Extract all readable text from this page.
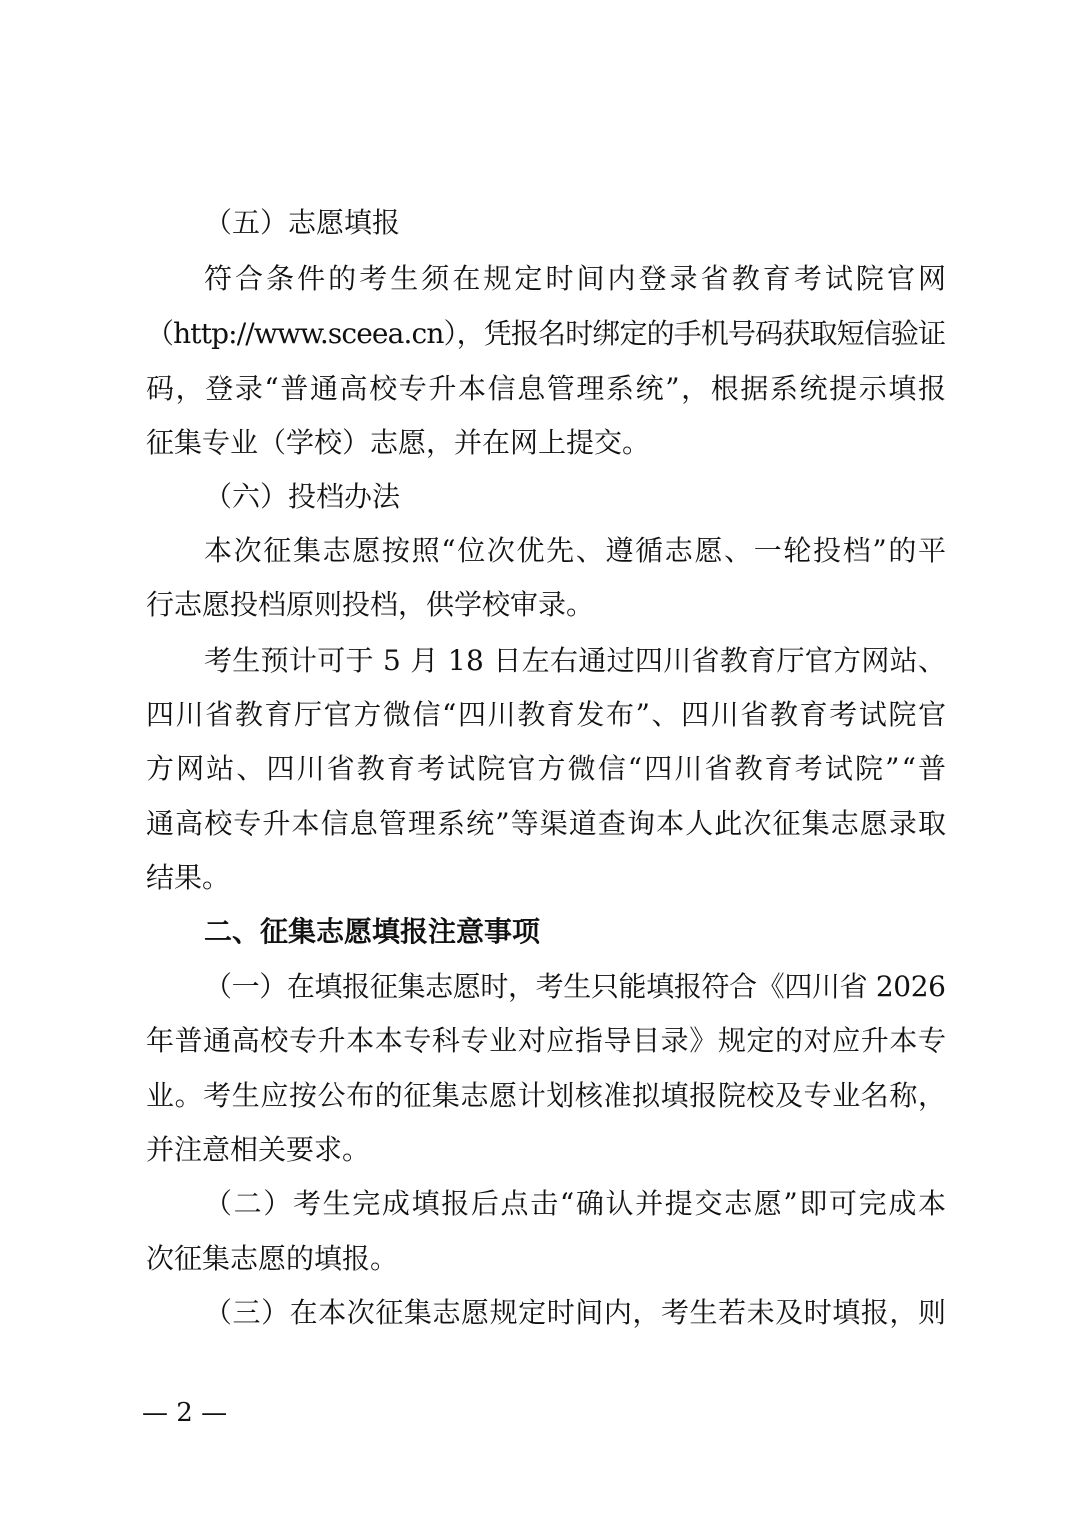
（五）志愿填报
符合条件的考生须在规定时间内登录省教育考试院官网
（http://www.sceea.cn），凭报名时绑定的手机号码获取短信验证
码，登录“普通高校专升本信息管理系统”，根据系统提示填报
征集专业（学校）志愿，并在网上提交。
（六）投档办法
本次征集志愿按照“位次优先、遵循志愿、一轮投档”的平
行志愿投档原则投档，供学校审录。
考生预计可于 5 月 18 日左右通过四川省教育厅官方网站、
四川省教育厅官方微信“四川教育发布”、四川省教育考试院官
方网站、四川省教育考试院官方微信“四川省教育考试院”“普
通高校专升本信息管理系统”等渠道查询本人此次征集志愿录取
结果。
二、征集志愿填报注意事项
（一）在填报征集志愿时，考生只能填报符合《四川省 2026
年普通高校专升本本专科专业对应指导目录》规定的对应升本专
业。考生应按公布的征集志愿计划核准拟填报院校及专业名称，
并注意相关要求。
（二）考生完成填报后点击“确认并提交志愿”即可完成本
次征集志愿的填报。
（三）在本次征集志愿规定时间内，考生若未及时填报，则
— 2 —
